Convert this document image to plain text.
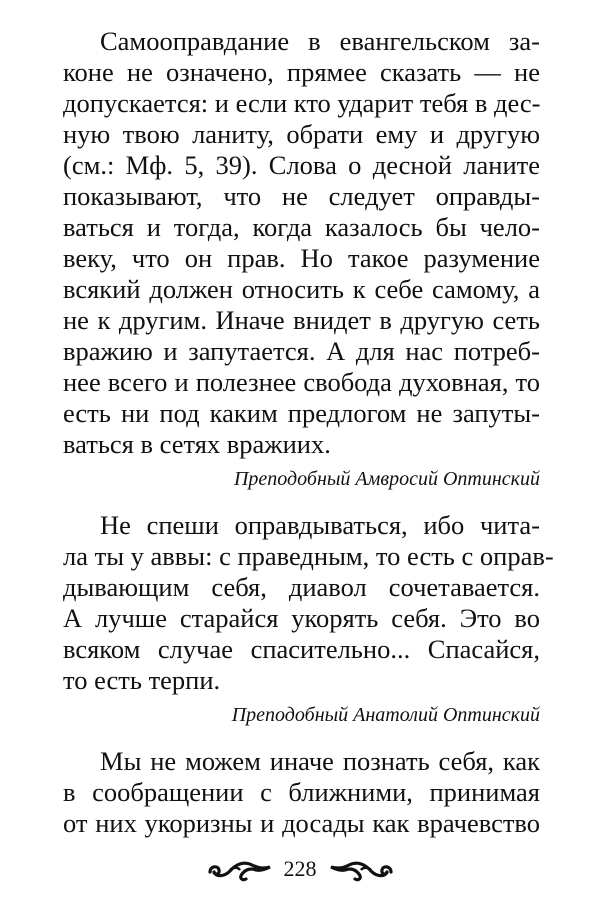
Самооправдание в евангельском за-
коне не означено, прямее сказать — не
допускается: и если кто ударит тебя в дес-
ную твою ланиту, обрати ему и другую
(см.: Мф. 5, 39). Слова о десной ланите
показывают, что не следует оправды-
ваться и тогда, когда казалось бы чело-
веку, что он прав. Но такое разумение
всякий должен относить к себе самому, а
не к другим. Иначе внидет в другую сеть
вражию и запутается. А для нас потреб-
нее всего и полезнее свобода духовная, то
есть ни под каким предлогом не запуты-
ваться в сетях вражиих.
Преподобный Амвросий Оптинский
Не спеши оправдываться, ибо чита-
ла ты у аввы: с праведным, то есть с оправ-
дывающим себя, диавол сочетавается.
А лучше старайся укорять себя. Это во
всяком случае спасительно... Спасайся,
то есть терпи.
Преподобный Анатолий Оптинский
Мы не можем иначе познать себя, как
в сообращении с ближними, принимая
от них укоризны и досады как врачевство
228
